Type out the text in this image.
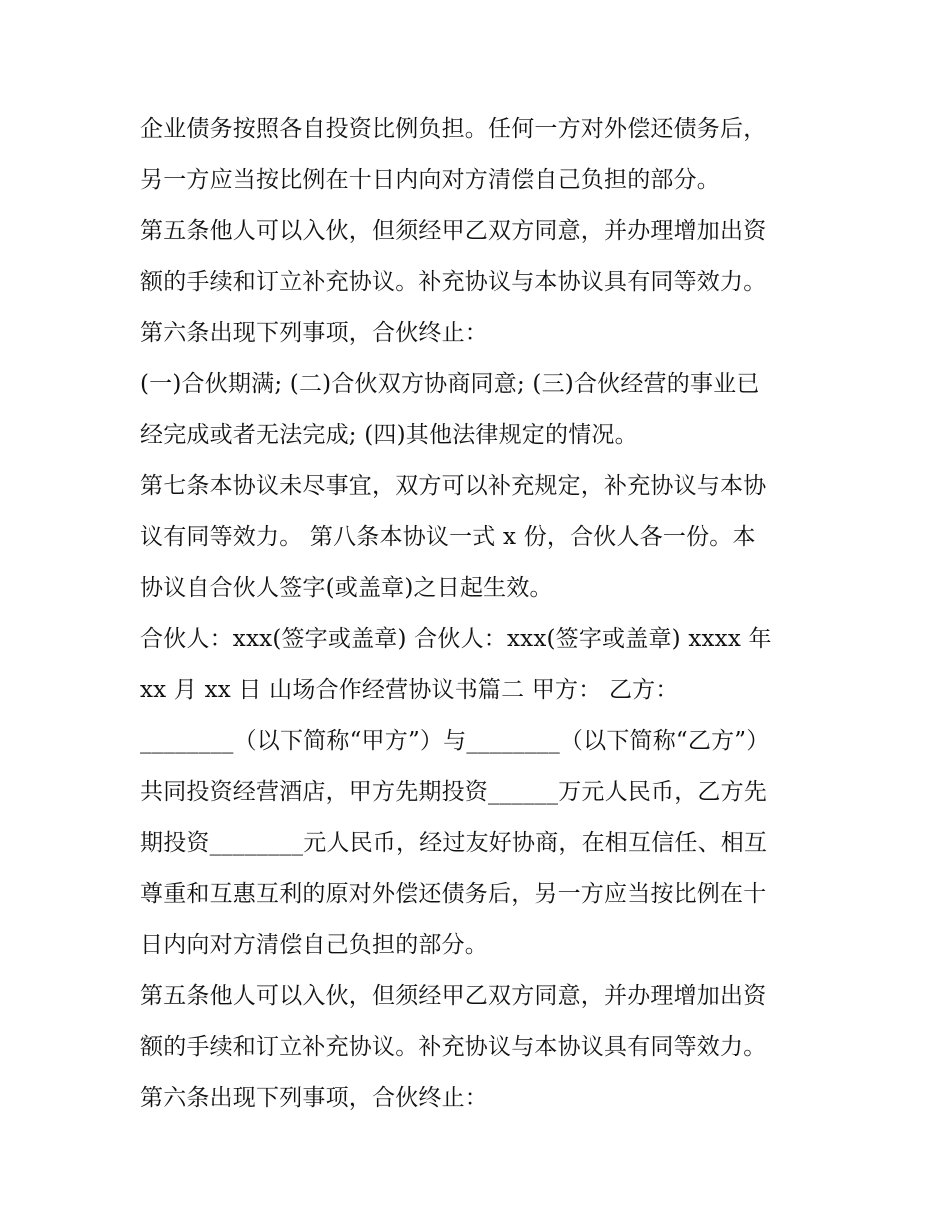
企业债务按照各自投资比例负担。任何一方对外偿还债务后，
另一方应当按比例在十日内向对方清偿自己负担的部分。
第五条他人可以入伙，但须经甲乙双方同意，并办理增加出资
额的手续和订立补充协议。补充协议与本协议具有同等效力。
第六条出现下列事项，合伙终止：
(一)合伙期满; (二)合伙双方协商同意; (三)合伙经营的事业已
经完成或者无法完成; (四)其他法律规定的情况。
第七条本协议未尽事宜，双方可以补充规定，补充协议与本协
议有同等效力。 第八条本协议一式 x 份，合伙人各一份。本
协议自合伙人签字(或盖章)之日起生效。
合伙人：xxx(签字或盖章) 合伙人：xxx(签字或盖章) xxxx 年
xx 月 xx 日 山场合作经营协议书篇二 甲方： 乙方：
________（以下简称“甲方”）与________（以下简称“乙方”）
共同投资经营酒店，甲方先期投资______万元人民币，乙方先
期投资________元人民币，经过友好协商，在相互信任、相互
尊重和互惠互利的原对外偿还债务后，另一方应当按比例在十
日内向对方清偿自己负担的部分。
第五条他人可以入伙，但须经甲乙双方同意，并办理增加出资
额的手续和订立补充协议。补充协议与本协议具有同等效力。
第六条出现下列事项，合伙终止：
